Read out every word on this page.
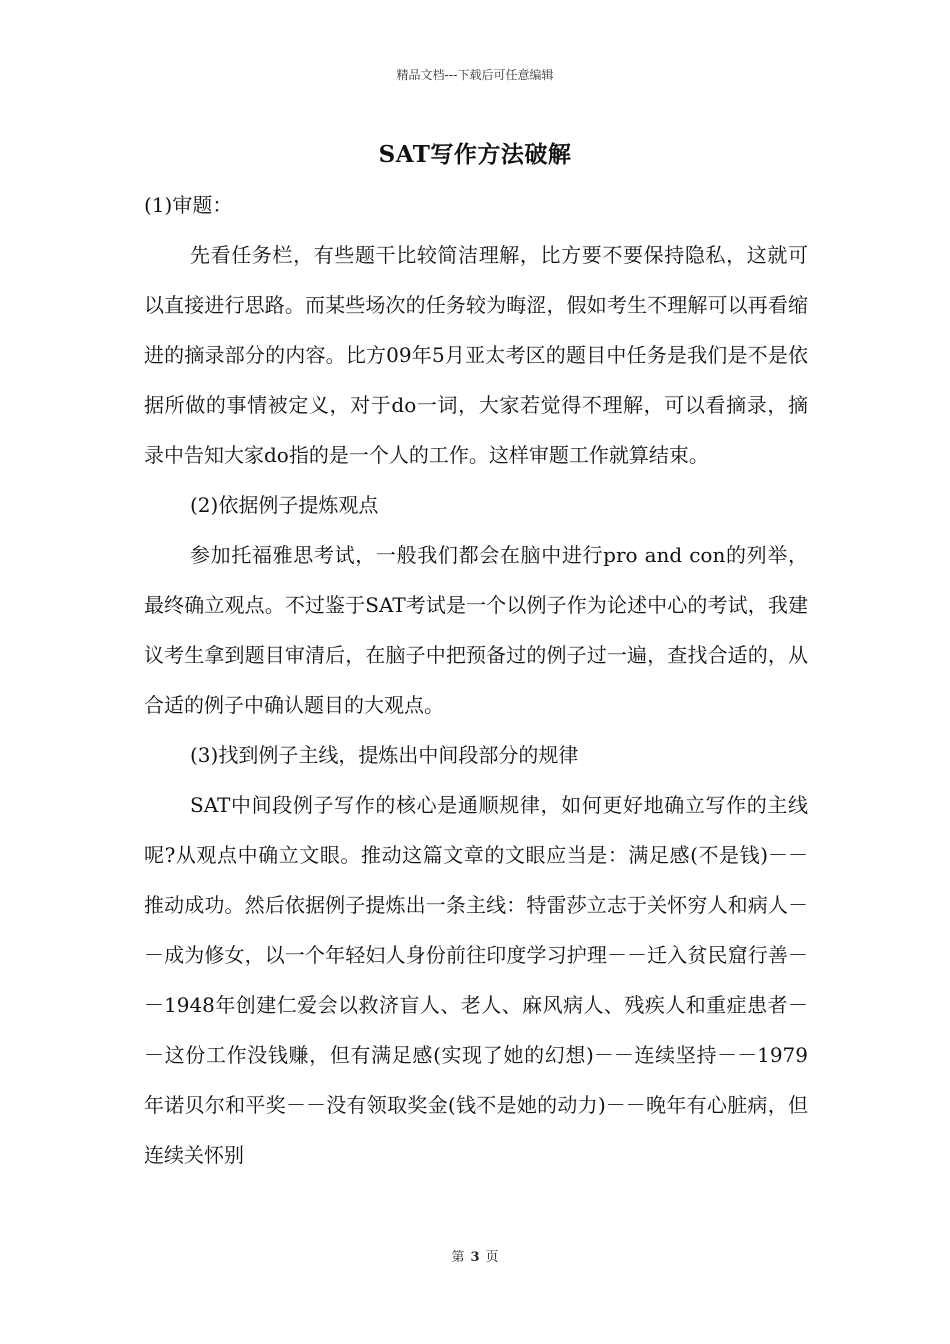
精品文档---下载后可任意编辑
SAT写作方法破解

(1)审题：

先看任务栏，有些题干比较简洁理解，比方要不要保持隐私，这就可以直接进行思路。而某些场次的任务较为晦涩，假如考生不理解可以再看缩进的摘录部分的内容。比方09年5月亚太考区的题目中任务是我们是不是依据所做的事情被定义，对于do一词，大家若觉得不理解，可以看摘录，摘录中告知大家do指的是一个人的工作。这样审题工作就算结束。

(2)依据例子提炼观点

参加托福雅思考试，一般我们都会在脑中进行pro and con的列举，最终确立观点。不过鉴于SAT考试是一个以例子作为论述中心的考试，我建议考生拿到题目审清后，在脑子中把预备过的例子过一遍，查找合适的，从合适的例子中确认题目的大观点。

(3)找到例子主线，提炼出中间段部分的规律

SAT中间段例子写作的核心是通顺规律，如何更好地确立写作的主线呢?从观点中确立文眼。推动这篇文章的文眼应当是：满足感(不是钱)－－推动成功。然后依据例子提炼出一条主线：特雷莎立志于关怀穷人和病人－－成为修女，以一个年轻妇人身份前往印度学习护理－－迁入贫民窟行善－－1948年创建仁爱会以救济盲人、老人、麻风病人、残疾人和重症患者－－这份工作没钱赚，但有满足感(实现了她的幻想)－－连续坚持－－1979年诺贝尔和平奖－－没有领取奖金(钱不是她的动力)－－晚年有心脏病，但连续关怀别

第 3 页
